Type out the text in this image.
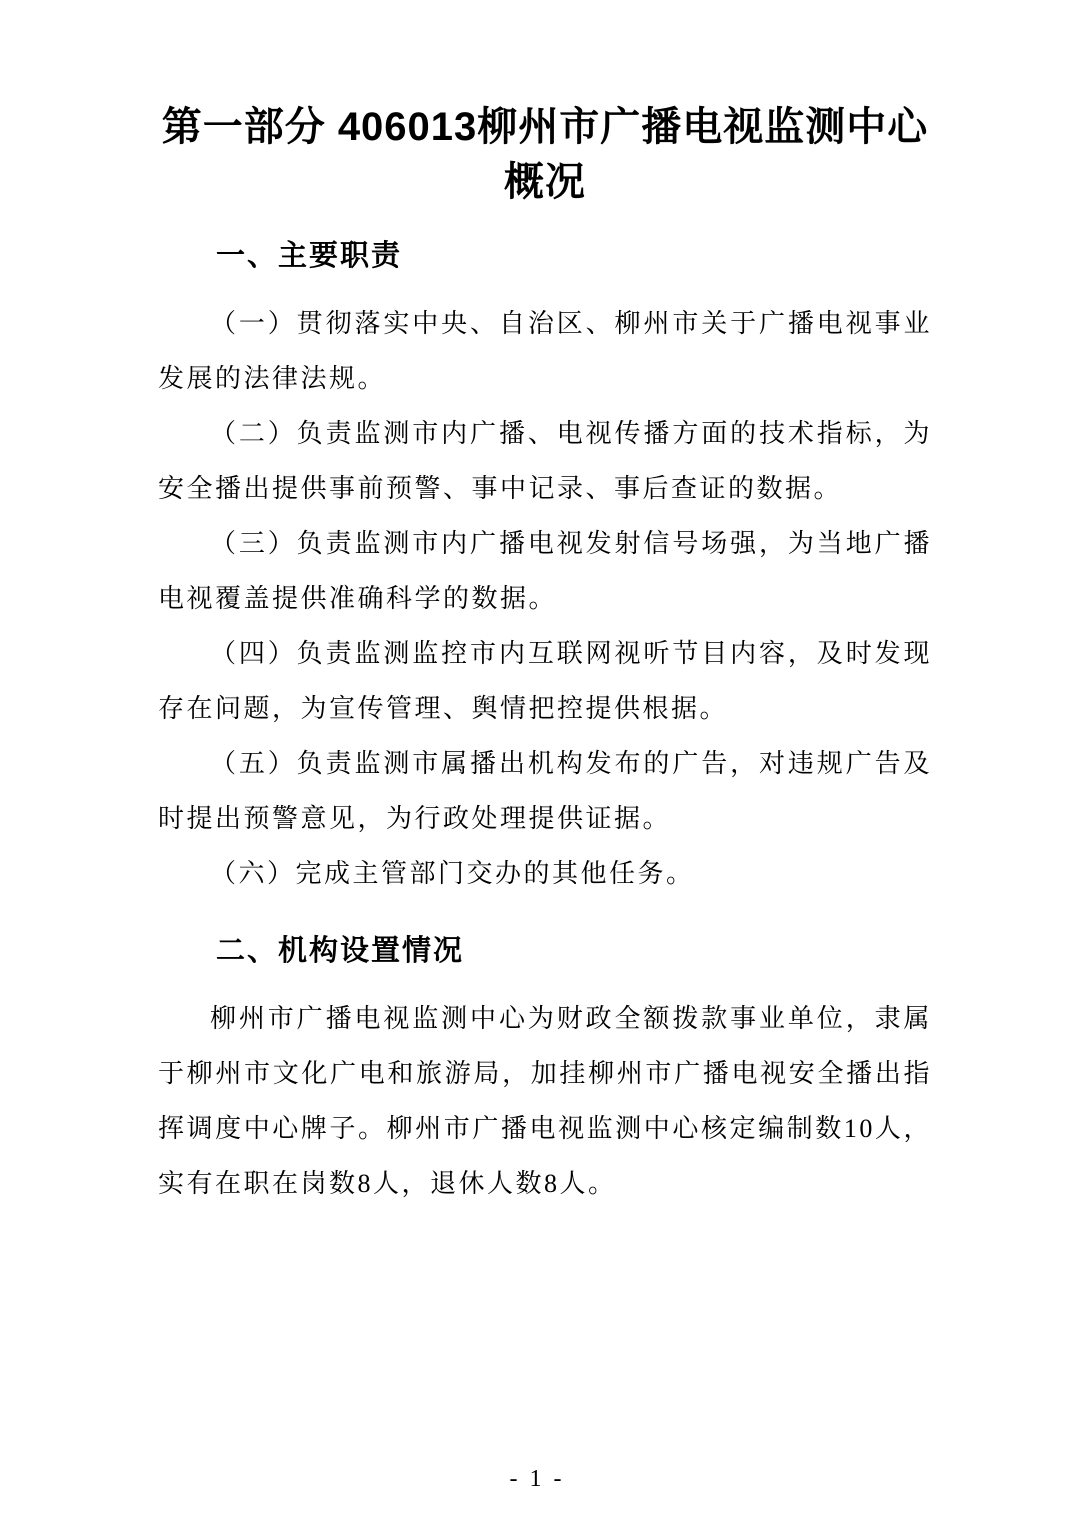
第一部分 406013柳州市广播电视监测中心概况
一、主要职责

（一）贯彻落实中央、自治区、柳州市关于广播电视事业发展的法律法规。

（二）负责监测市内广播、电视传播方面的技术指标，为安全播出提供事前预警、事中记录、事后查证的数据。

（三）负责监测市内广播电视发射信号场强，为当地广播电视覆盖提供准确科学的数据。

（四）负责监测监控市内互联网视听节目内容，及时发现存在问题，为宣传管理、舆情把控提供根据。

（五）负责监测市属播出机构发布的广告，对违规广告及时提出预警意见，为行政处理提供证据。

（六）完成主管部门交办的其他任务。

二、机构设置情况

柳州市广播电视监测中心为财政全额拨款事业单位，隶属于柳州市文化广电和旅游局，加挂柳州市广播电视安全播出指挥调度中心牌子。柳州市广播电视监测中心核定编制数10人，实有在职在岗数8人，退休人数8人。

- 1 -
